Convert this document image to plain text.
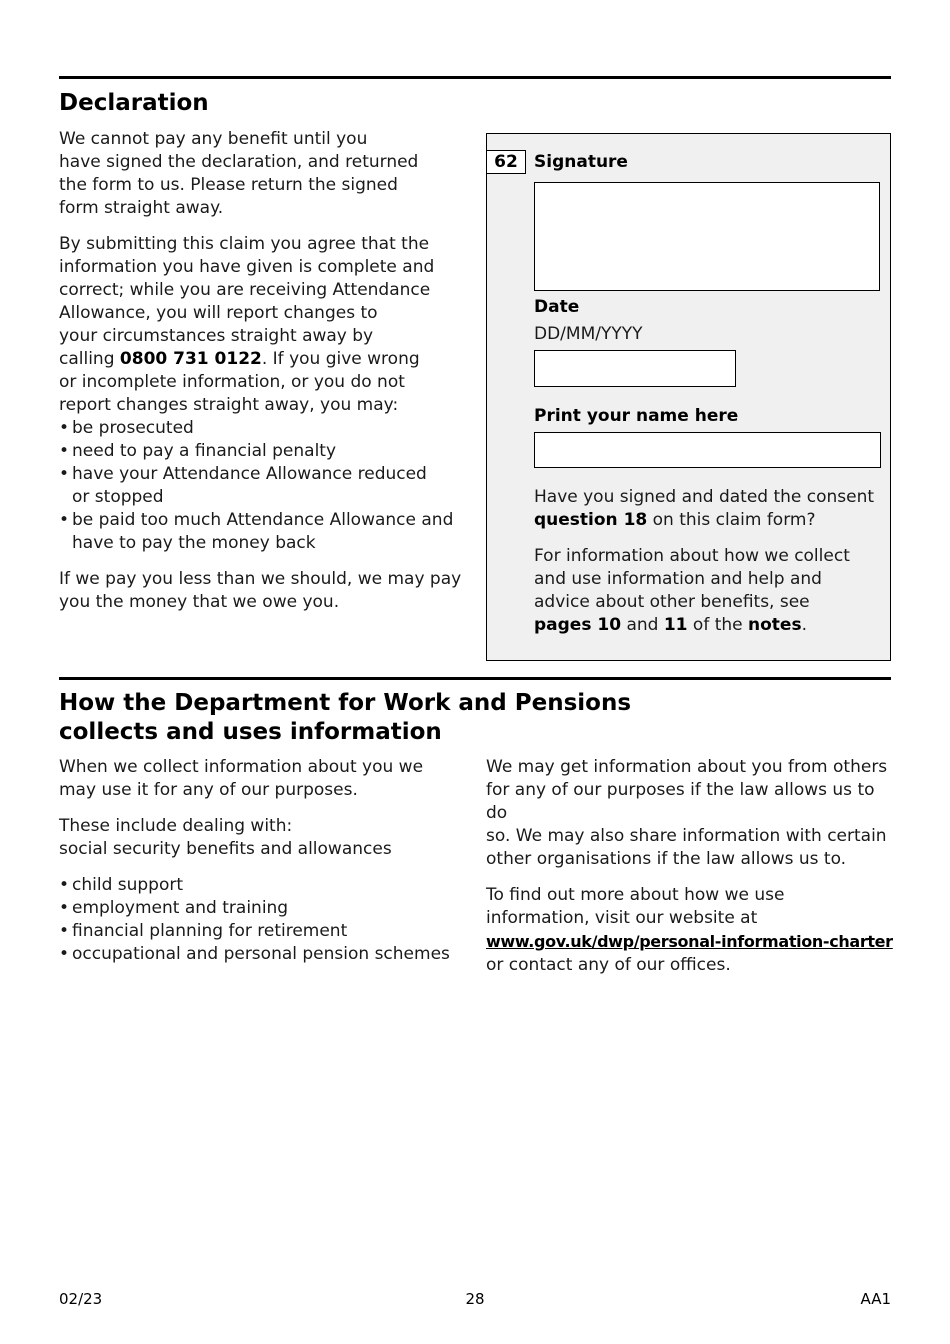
Declaration

We cannot pay any benefit until you
have signed the declaration, and returned
the form to us. Please return the signed
form straight away.

By submitting this claim you agree that the
information you have given is complete and
correct; while you are receiving Attendance
Allowance, you will report changes to
your circumstances straight away by
calling 0800 731 0122. If you give wrong
or incomplete information, or you do not
report changes straight away, you may:

• be prosecuted
• need to pay a financial penalty
• have your Attendance Allowance reduced or stopped
• be paid too much Attendance Allowance and have to pay the money back

If we pay you less than we should, we may pay
you the money that we owe you.

62 Signature
Date
DD/MM/YYYY
Print your name here

Have you signed and dated the consent
question 18 on this claim form?

For information about how we collect
and use information and help and
advice about other benefits, see
pages 10 and 11 of the notes.

How the Department for Work and Pensions
collects and uses information

When we collect information about you we
may use it for any of our purposes.

These include dealing with:
social security benefits and allowances

• child support
• employment and training
• financial planning for retirement
• occupational and personal pension schemes

We may get information about you from others
for any of our purposes if the law allows us to do
so. We may also share information with certain
other organisations if the law allows us to.

To find out more about how we use
information, visit our website at
www.gov.uk/dwp/personal-information-charter
or contact any of our offices.

02/23	28	AA1
